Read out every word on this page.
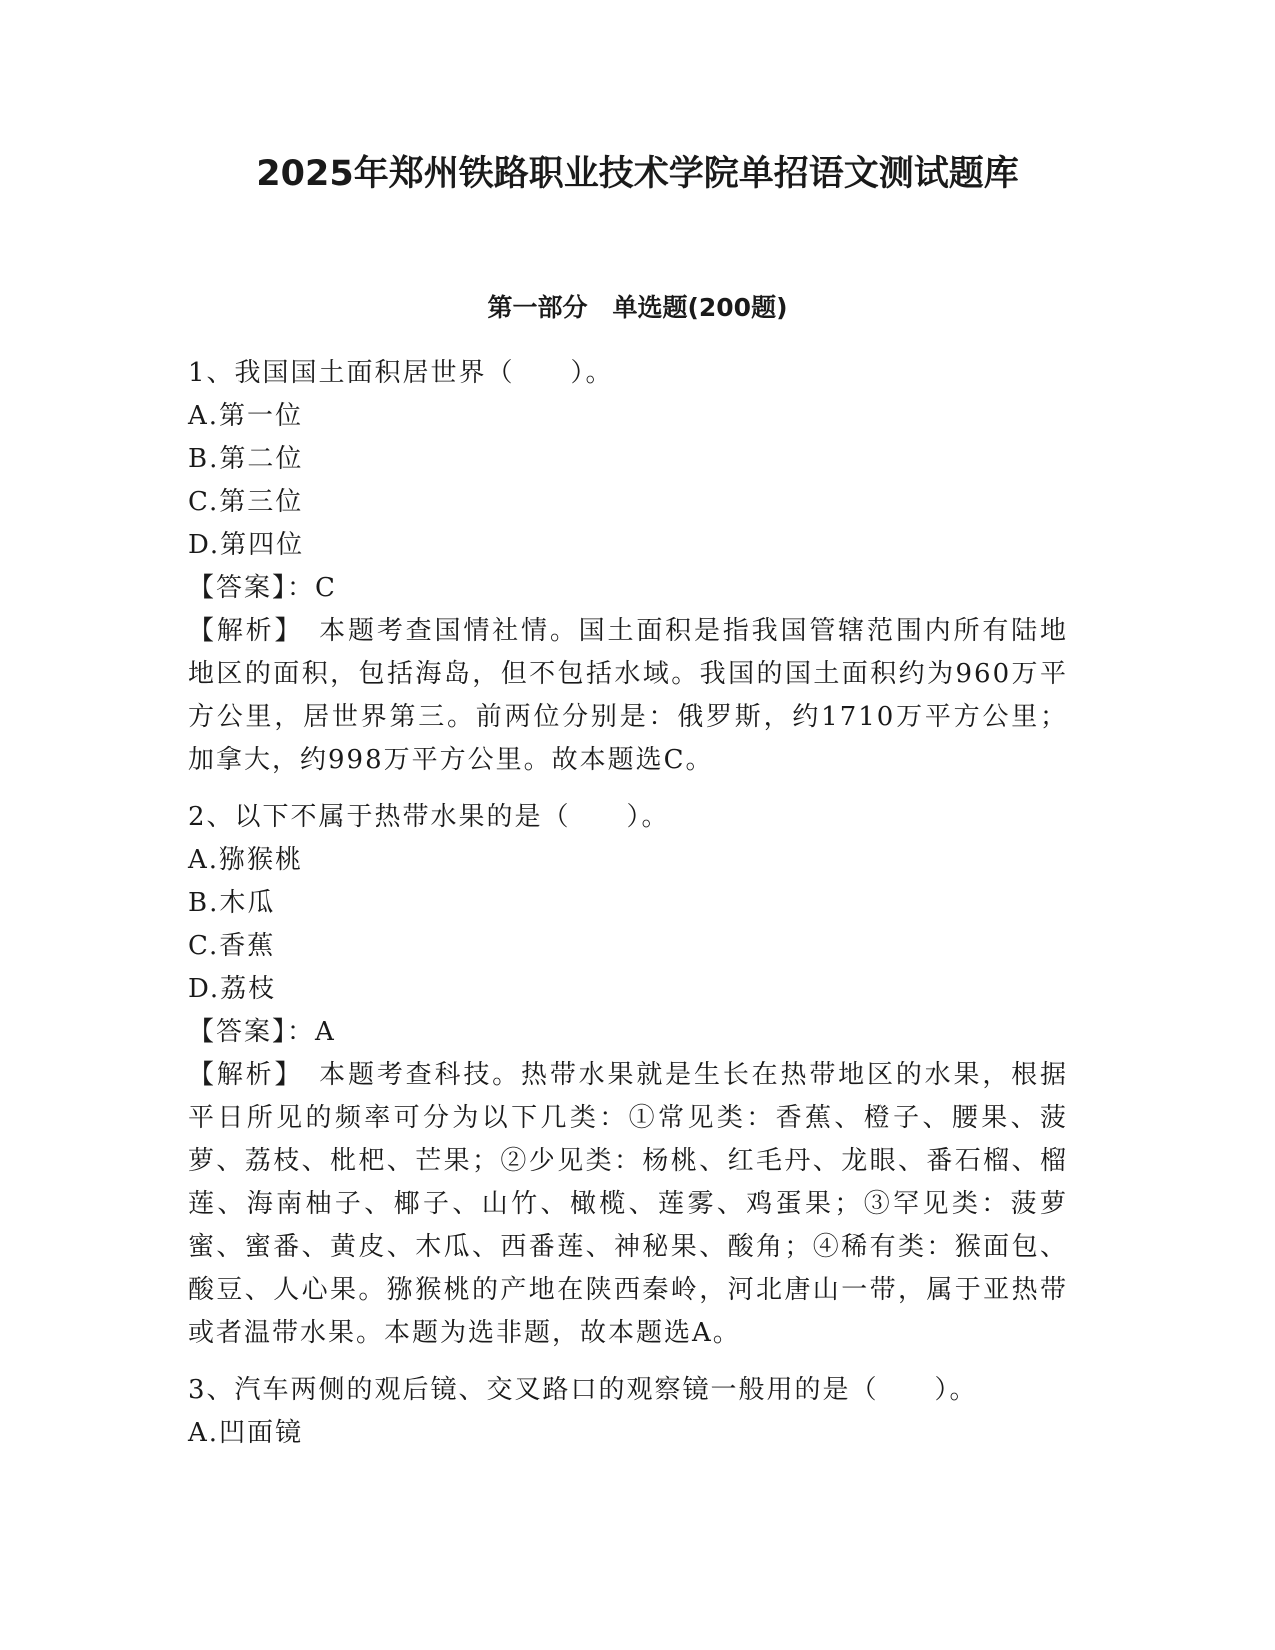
2025年郑州铁路职业技术学院单招语文测试题库
第一部分　单选题(200题)
1、我国国土面积居世界（　　）。
A.第一位
B.第二位
C.第三位
D.第四位
【答案】：C
【解析】　本题考查国情社情。国土面积是指我国管辖范围内所有陆地地区的面积，包括海岛，但不包括水域。我国的国土面积约为960万平方公里，居世界第三。前两位分别是：俄罗斯，约1710万平方公里；加拿大，约998万平方公里。故本题选C。
2、以下不属于热带水果的是（　　）。
A.猕猴桃
B.木瓜
C.香蕉
D.荔枝
【答案】：A
【解析】　本题考查科技。热带水果就是生长在热带地区的水果，根据平日所见的频率可分为以下几类：①常见类：香蕉、橙子、腰果、菠萝、荔枝、枇杷、芒果；②少见类：杨桃、红毛丹、龙眼、番石榴、榴莲、海南柚子、椰子、山竹、橄榄、莲雾、鸡蛋果；③罕见类：菠萝蜜、蜜番、黄皮、木瓜、西番莲、神秘果、酸角；④稀有类：猴面包、酸豆、人心果。猕猴桃的产地在陕西秦岭，河北唐山一带，属于亚热带或者温带水果。本题为选非题，故本题选A。
3、汽车两侧的观后镜、交叉路口的观察镜一般用的是（　　）。
A.凹面镜
